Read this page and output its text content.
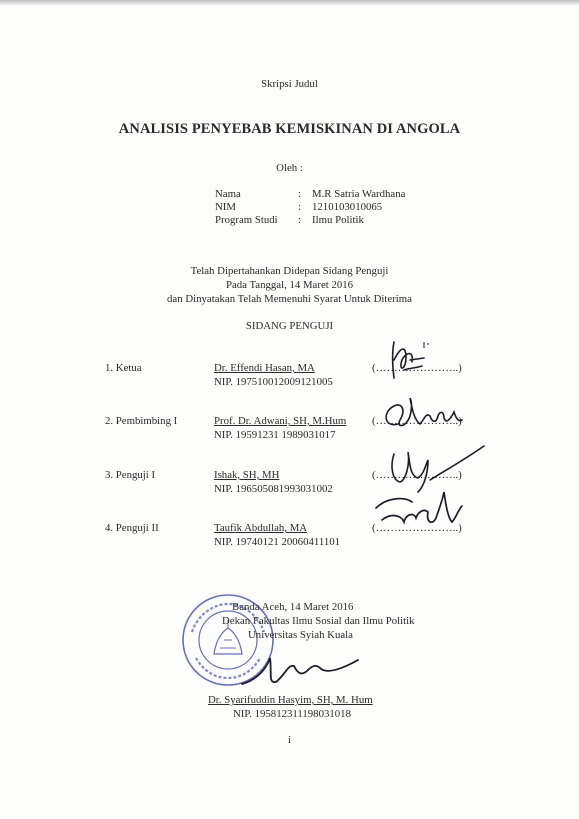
Skripsi Judul
ANALISIS PENYEBAB KEMISKINAN DI ANGOLA
Oleh :
Nama	: M.R Satria Wardhana
NIM	: 1210103010065
Program Studi : Ilmu Politik
Telah Dipertahankan Didepan Sidang Penguji
Pada Tanggal, 14 Maret 2016
dan Dinyatakan Telah Memenuhi Syarat Untuk Diterima
SIDANG PENGUJI
1. Ketua	Dr. Effendi Hasan, MA
NIP. 197510012009121005
(…………………..)
2. Pembimbing I	Prof. Dr. Adwani, SH, M.Hum
NIP. 19591231 1989031017
(…………………..)
3. Penguji I	Ishak, SH, MH
NIP. 196505081993031002
(…………………..)
4. Penguji II	Taufik Abdullah, MA
NIP. 19740121 20060411101
(…………………..)
Banda Aceh, 14 Maret 2016
Dekan Fakultas Ilmu Sosial dan Ilmu Politik
Universitas Syiah Kuala
Dr. Syarifuddin Hasyim, SH, M. Hum
NIP. 195812311198031018
i
